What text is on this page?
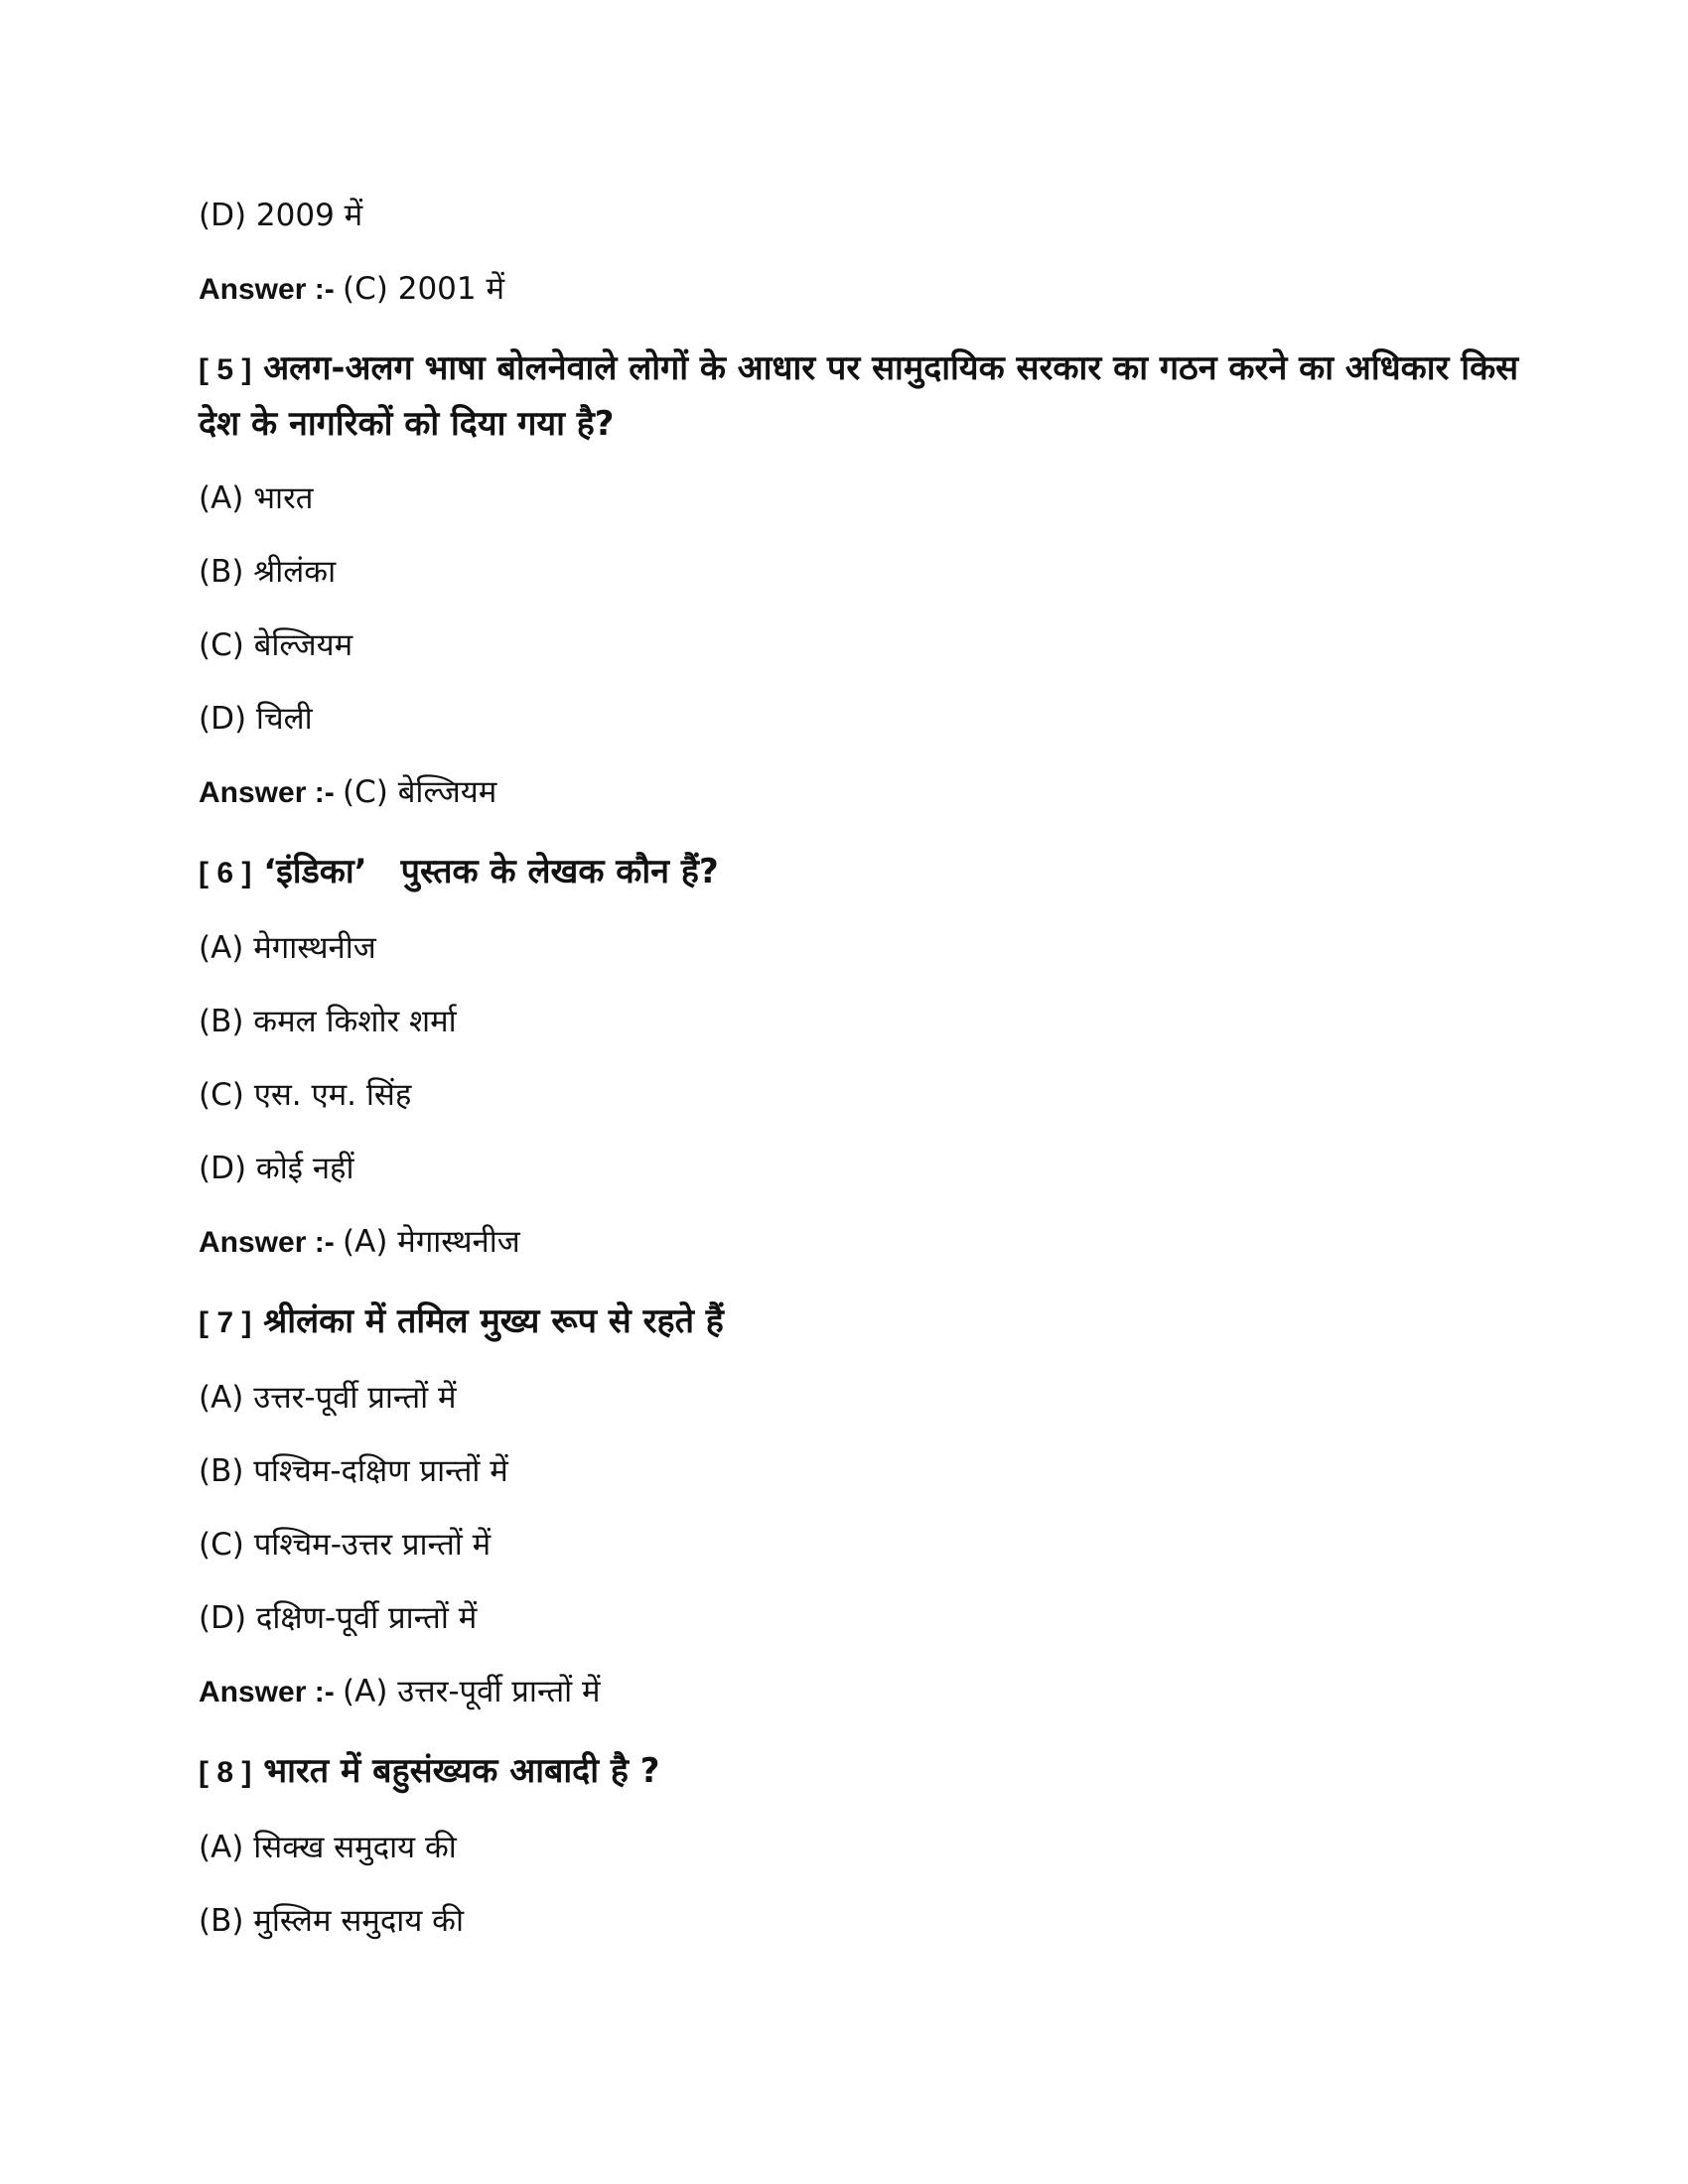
(D) 2009 में
Answer :- (C) 2001 में
[ 5 ] अलग-अलग भाषा बोलनेवाले लोगों के आधार पर सामुदायिक सरकार का गठन करने का अधिकार किस देश के नागरिकों को दिया गया है?
(A) भारत
(B) श्रीलंका
(C) बेल्जियम
(D) चिली
Answer :- (C) बेल्जियम
[ 6 ] ‘इंडिका’ पुस्तक के लेखक कौन हैं?
(A) मेगास्थनीज
(B) कमल किशोर शर्मा
(C) एस. एम. सिंह
(D) कोई नहीं
Answer :- (A) मेगास्थनीज
[ 7 ] श्रीलंका में तमिल मुख्य रूप से रहते हैं
(A) उत्तर-पूर्वी प्रान्तों में
(B) पश्चिम-दक्षिण प्रान्तों में
(C) पश्चिम-उत्तर प्रान्तों में
(D) दक्षिण-पूर्वी प्रान्तों में
Answer :- (A) उत्तर-पूर्वी प्रान्तों में
[ 8 ] भारत में बहुसंख्यक आबादी है ?
(A) सिक्ख समुदाय की
(B) मुस्लिम समुदाय की
